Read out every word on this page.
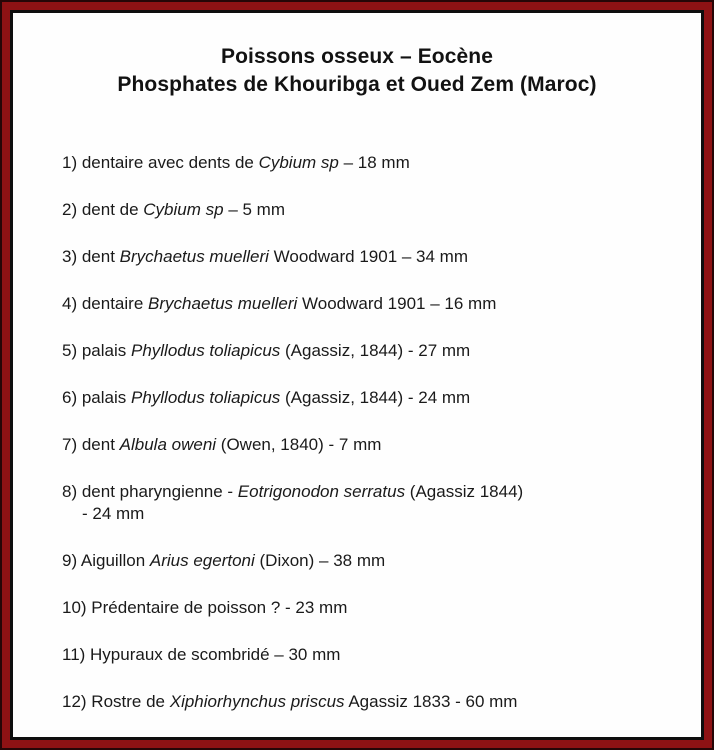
Poissons osseux – Eocène
Phosphates de Khouribga et Oued Zem (Maroc)
1) dentaire avec dents de Cybium sp – 18 mm
2) dent de Cybium sp – 5 mm
3) dent Brychaetus muelleri Woodward 1901 – 34 mm
4) dentaire Brychaetus muelleri Woodward 1901 – 16 mm
5) palais Phyllodus toliapicus (Agassiz, 1844) - 27 mm
6) palais Phyllodus toliapicus (Agassiz, 1844) - 24 mm
7) dent Albula oweni (Owen, 1840) - 7 mm
8) dent pharyngienne - Eotrigonodon serratus (Agassiz 1844)
- 24 mm
9) Aiguillon Arius egertoni (Dixon) – 38 mm
10) Prédentaire de poisson ? - 23 mm
11) Hypuraux de scombridé – 30 mm
12) Rostre de Xiphiorhynchus priscus Agassiz 1833 - 60 mm
